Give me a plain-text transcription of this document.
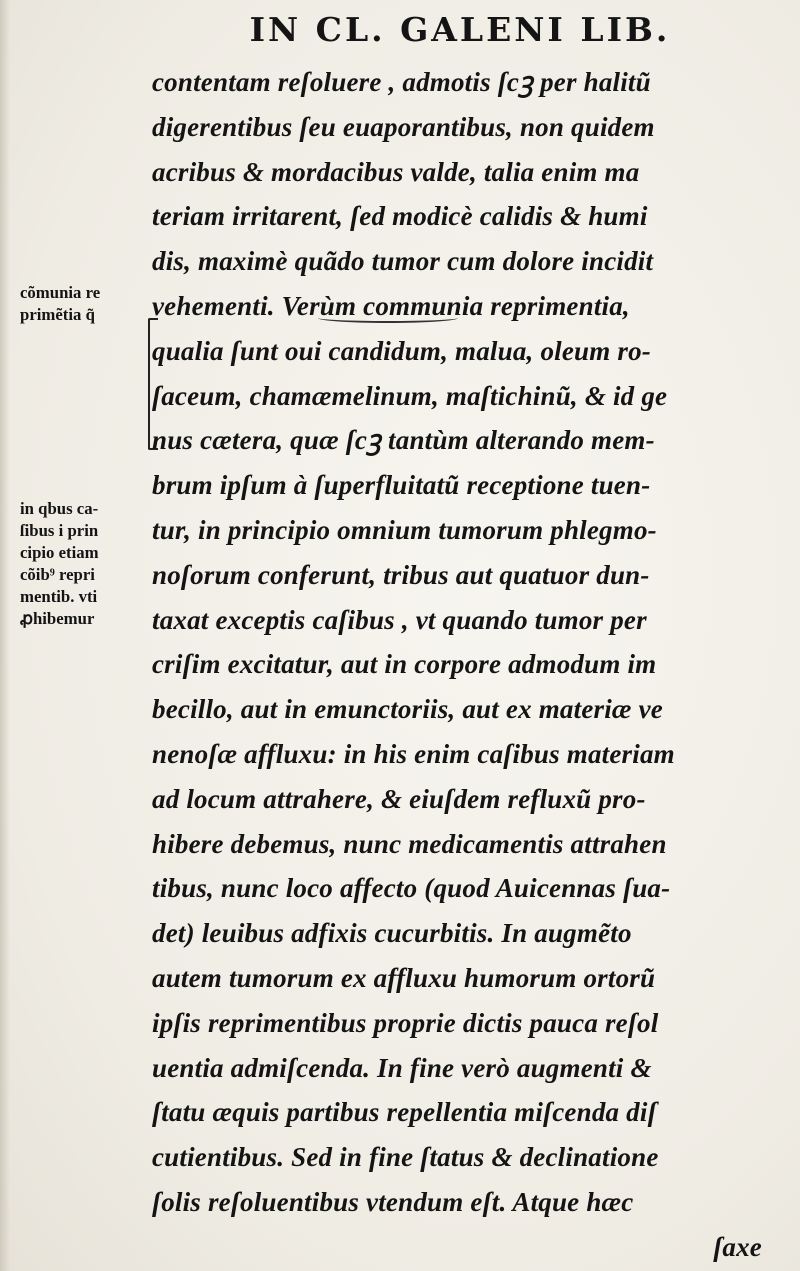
IN CL. GALENI LIB.
cõmunia re
primẽtia q̃
in qbus ca-
ſibus i prin
cipio etiam
cõib⁹ repri
mentib. vti
ꝓhibemur
contentam reſoluere , admotis ſcꝫ per halitũ
digerentibus ſeu euaporantibus, non quidem
acribus & mordacibus valde, talia enim ma
teriam irritarent, ſed modicè calidis & humi
dis, maximè quãdo tumor cum dolore incidit
vehementi. Verùm communia reprimentia,
qualia ſunt oui candidum, malua, oleum ro-
ſaceum, chamæmelinum, maſtichinũ, & id ge
nus cætera, quæ ſcꝫ tantùm alterando mem-
brum ipſum à ſuperfluitatũ receptione tuen-
tur, in principio omnium tumorum phlegmo-
noſorum conferunt, tribus aut quatuor dun-
taxat exceptis caſibus , vt quando tumor per
criſim excitatur, aut in corpore admodum im
becillo, aut in emunctoriis, aut ex materiæ ve
nenoſæ affluxu: in his enim caſibus materiam
ad locum attrahere, & eiuſdem refluxũ pro-
hibere debemus, nunc medicamentis attrahen
tibus, nunc loco affecto (quod Auicennas ſua-
det) leuibus adfixis cucurbitis. In augmẽto
autem tumorum ex affluxu humorum ortorũ
ipſis reprimentibus proprie dictis pauca reſol
uentia admiſcenda. In fine verò augmenti &
ſtatu æquis partibus repellentia miſcenda diſ
cutientibus. Sed in fine ſtatus & declinatione
ſolis reſoluentibus vtendum eſt. Atque hæc
ſaxe
